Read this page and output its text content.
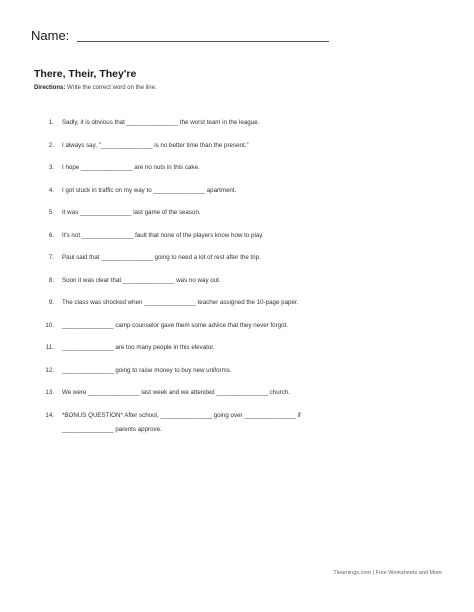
Name:
There, Their, They're
Directions: Write the correct word on the line.
1. Sadly, it is obvious that _______________ the worst team in the league.
2. I always say, "_______________ is no better time than the present."
3. I hope _______________ are no nuts in this cake.
4. I got stuck in traffic on my way to _______________ apartment.
5. It was _______________ last game of the season.
6. It's not _______________ fault that none of the players know how to play.
7. Paul said that _______________ going to need a lot of rest after the trip.
8. Soon it was clear that _______________ was no way out.
9. The class was shocked when _______________ teacher assigned the 10-page paper.
10. _______________ camp counselor gave them some advice that they never forgot.
11. _______________ are too many people in this elevator.
12. _______________ going to raise money to buy new uniforms.
13. We were _______________ last week and we attended _______________ church.
14. *BONUS QUESTION* After school, _______________ going over _______________ if
_______________ parents approve.
Tlearnings.com | Free Worksheets and More
